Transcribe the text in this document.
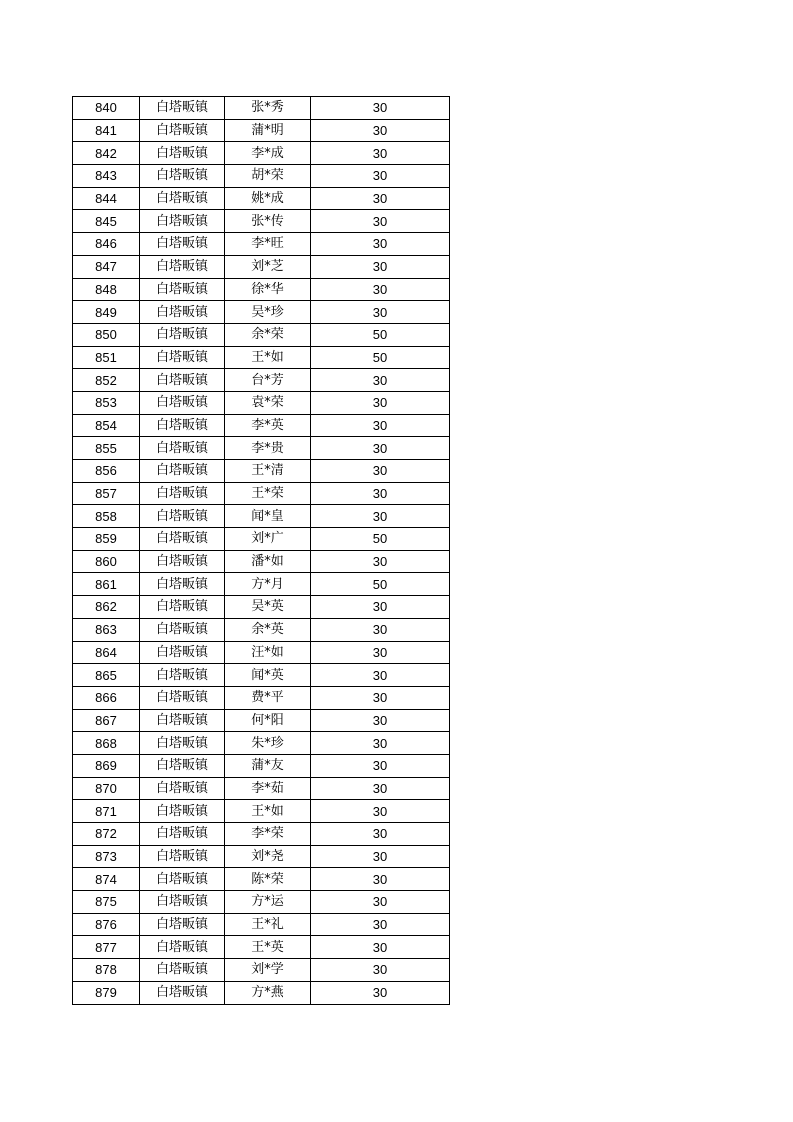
840	白塔畈镇	张*秀	30
841	白塔畈镇	蒲*明	30
842	白塔畈镇	李*成	30
843	白塔畈镇	胡*荣	30
844	白塔畈镇	姚*成	30
845	白塔畈镇	张*传	30
846	白塔畈镇	李*旺	30
847	白塔畈镇	刘*芝	30
848	白塔畈镇	徐*华	30
849	白塔畈镇	吴*珍	30
850	白塔畈镇	余*荣	50
851	白塔畈镇	王*如	50
852	白塔畈镇	台*芳	30
853	白塔畈镇	袁*荣	30
854	白塔畈镇	李*英	30
855	白塔畈镇	李*贵	30
856	白塔畈镇	王*清	30
857	白塔畈镇	王*荣	30
858	白塔畈镇	闻*皇	30
859	白塔畈镇	刘*广	50
860	白塔畈镇	潘*如	30
861	白塔畈镇	方*月	50
862	白塔畈镇	吴*英	30
863	白塔畈镇	余*英	30
864	白塔畈镇	汪*如	30
865	白塔畈镇	闻*英	30
866	白塔畈镇	费*平	30
867	白塔畈镇	何*阳	30
868	白塔畈镇	朱*珍	30
869	白塔畈镇	蒲*友	30
870	白塔畈镇	李*茹	30
871	白塔畈镇	王*如	30
872	白塔畈镇	李*荣	30
873	白塔畈镇	刘*尧	30
874	白塔畈镇	陈*荣	30
875	白塔畈镇	方*运	30
876	白塔畈镇	王*礼	30
877	白塔畈镇	王*英	30
878	白塔畈镇	刘*学	30
879	白塔畈镇	方*燕	30
